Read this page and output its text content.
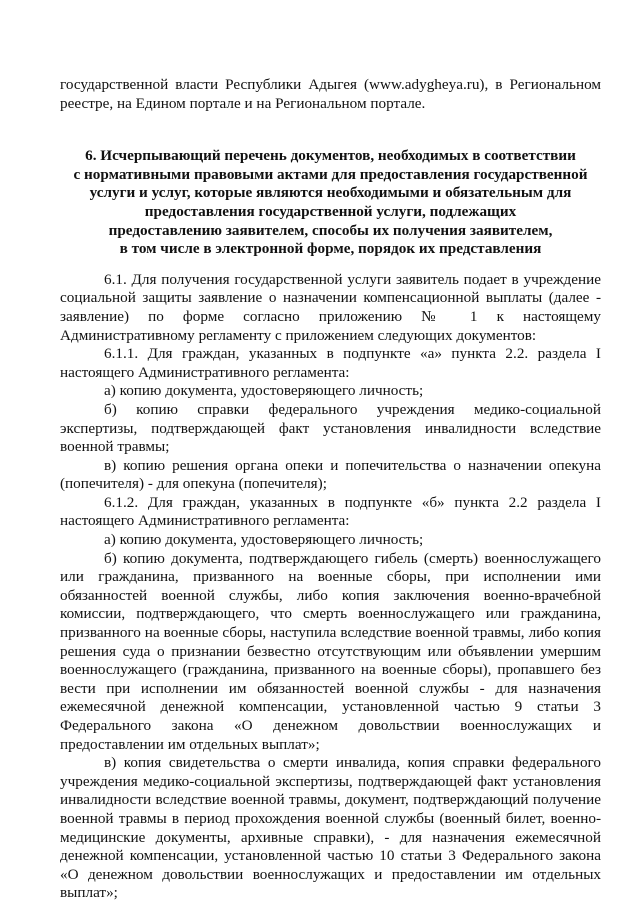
государственной власти Республики Адыгея (www.adygheya.ru), в Региональном реестре, на Едином портале и на Региональном портале.

6. Исчерпывающий перечень документов, необходимых в соответствии
с нормативными правовыми актами для предоставления государственной
услуги и услуг, которые являются необходимыми и обязательным для
предоставления государственной услуги, подлежащих
предоставлению заявителем, способы их получения заявителем,
в том числе в электронной форме, порядок их представления

6.1. Для получения государственной услуги заявитель подает в учреждение социальной защиты заявление о назначении компенсационной выплаты (далее - заявление) по форме согласно приложению № 1 к настоящему Административному регламенту с приложением следующих документов:

6.1.1. Для граждан, указанных в подпункте «а» пункта 2.2. раздела I настоящего Административного регламента:

а) копию документа, удостоверяющего личность;

б) копию справки федерального учреждения медико-социальной экспертизы, подтверждающей факт установления инвалидности вследствие военной травмы;

в) копию решения органа опеки и попечительства о назначении опекуна (попечителя) - для опекуна (попечителя);

6.1.2. Для граждан, указанных в подпункте «б» пункта 2.2 раздела I настоящего Административного регламента:

а) копию документа, удостоверяющего личность;

б) копию документа, подтверждающего гибель (смерть) военнослужащего или гражданина, призванного на военные сборы, при исполнении ими обязанностей военной службы, либо копия заключения военно-врачебной комиссии, подтверждающего, что смерть военнослужащего или гражданина, призванного на военные сборы, наступила вследствие военной травмы, либо копия решения суда о признании безвестно отсутствующим или объявлении умершим военнослужащего (гражданина, призванного на военные сборы), пропавшего без вести при исполнении им обязанностей военной службы - для назначения ежемесячной денежной компенсации, установленной частью 9 статьи 3 Федерального закона «О денежном довольствии военнослужащих и предоставлении им отдельных выплат»;

в) копия свидетельства о смерти инвалида, копия справки федерального учреждения медико-социальной экспертизы, подтверждающей факт установления инвалидности вследствие военной травмы, документ, подтверждающий получение военной травмы в период прохождения военной службы (военный билет, военно-медицинские документы, архивные справки), - для назначения ежемесячной денежной компенсации, установленной частью 10 статьи 3 Федерального закона «О денежном довольствии военнослужащих и предоставлении им отдельных выплат»;
